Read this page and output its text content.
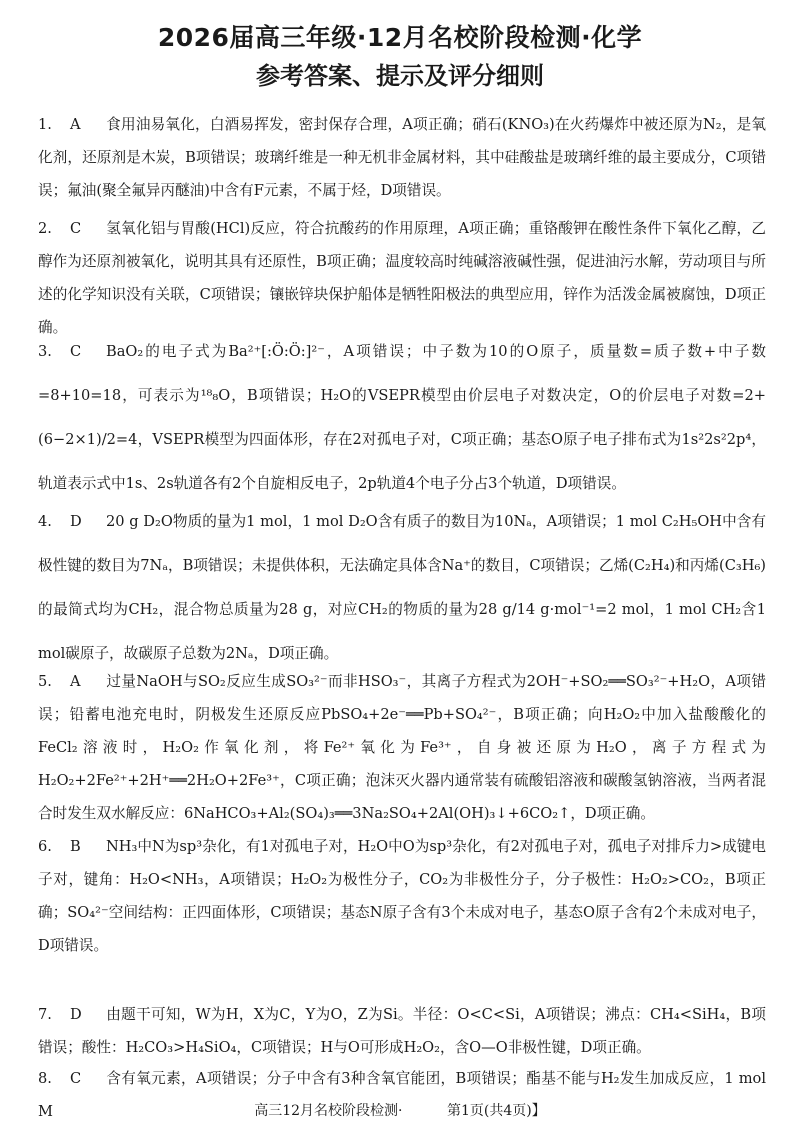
2026届高三年级·12月名校阶段检测·化学
参考答案、提示及评分细则
1. A 食用油易氧化，白酒易挥发，密封保存合理，A项正确；硝石(KNO₃)在火药爆炸中被还原为N₂，是氧化剂，还原剂是木炭，B项错误；玻璃纤维是一种无机非金属材料，其中硅酸盐是玻璃纤维的最主要成分，C项错误；氟油(聚全氟异丙醚油)中含有F元素，不属于烃，D项错误。
2. C 氢氧化铝与胃酸(HCl)反应，符合抗酸药的作用原理，A项正确；重铬酸钾在酸性条件下氧化乙醇，乙醇作为还原剂被氧化，说明其具有还原性，B项正确；温度较高时纯碱溶液碱性强，促进油污水解，劳动项目与所述的化学知识没有关联，C项错误；镶嵌锌块保护船体是牺牲阳极法的典型应用，锌作为活泼金属被腐蚀，D项正确。
3. C BaO₂的电子式为Ba²⁺[:Ö:Ö:]²⁻，A项错误；中子数为10的O原子，质量数=质子数+中子数=8+10=18，可表示为¹⁸₈O，B项错误；H₂O的VSEPR模型由价层电子对数决定，O的价层电子对数=2+(6−2×1)/2=4，VSEPR模型为四面体形，存在2对孤电子对，C项正确；基态O原子电子排布式为1s²2s²2p⁴，轨道表示式中1s、2s轨道各有2个自旋相反电子，2p轨道4个电子分占3个轨道，D项错误。
4. D 20 g D₂O物质的量为1 mol，1 mol D₂O含有质子的数目为10Nₐ，A项错误；1 mol C₂H₅OH中含有极性键的数目为7Nₐ，B项错误；未提供体积，无法确定具体含Na⁺的数目，C项错误；乙烯(C₂H₄)和丙烯(C₃H₆)的最简式均为CH₂，混合物总质量为28 g，对应CH₂的物质的量为28 g/14 g·mol⁻¹=2 mol，1 mol CH₂含1 mol碳原子，故碳原子总数为2Nₐ，D项正确。
5. A 过量NaOH与SO₂反应生成SO₃²⁻而非HSO₃⁻，其离子方程式为2OH⁻+SO₂══SO₃²⁻+H₂O，A项错误；铅蓄电池充电时，阴极发生还原反应PbSO₄+2e⁻══Pb+SO₄²⁻，B项正确；向H₂O₂中加入盐酸酸化的FeCl₂溶液时，H₂O₂作氧化剂，将Fe²⁺氧化为Fe³⁺，自身被还原为H₂O，离子方程式为H₂O₂+2Fe²⁺+2H⁺══2H₂O+2Fe³⁺，C项正确；泡沫灭火器内通常装有硫酸铝溶液和碳酸氢钠溶液，当两者混合时发生双水解反应：6NaHCO₃+Al₂(SO₄)₃══3Na₂SO₄+2Al(OH)₃↓+6CO₂↑，D项正确。
6. B NH₃中N为sp³杂化，有1对孤电子对，H₂O中O为sp³杂化，有2对孤电子对，孤电子对排斥力>成键电子对，键角：H₂O<NH₃，A项错误；H₂O₂为极性分子，CO₂为非极性分子，分子极性：H₂O₂>CO₂，B项正确；SO₄²⁻空间结构：正四面体形，C项错误；基态N原子含有3个未成对电子，基态O原子含有2个未成对电子，D项错误。
7. D 由题干可知，W为H，X为C，Y为O，Z为Si。半径：O<C<Si，A项错误；沸点：CH₄<SiH₄，B项错误；酸性：H₂CO₃>H₄SiO₄，C项错误；H与O可形成H₂O₂，含O—O非极性键，D项正确。
8. C 含有氧元素，A项错误；分子中含有3种含氧官能团，B项错误；酯基不能与H₂发生加成反应，1 mol M	高三12月名校阶段检测·	第1页(共4页)】
